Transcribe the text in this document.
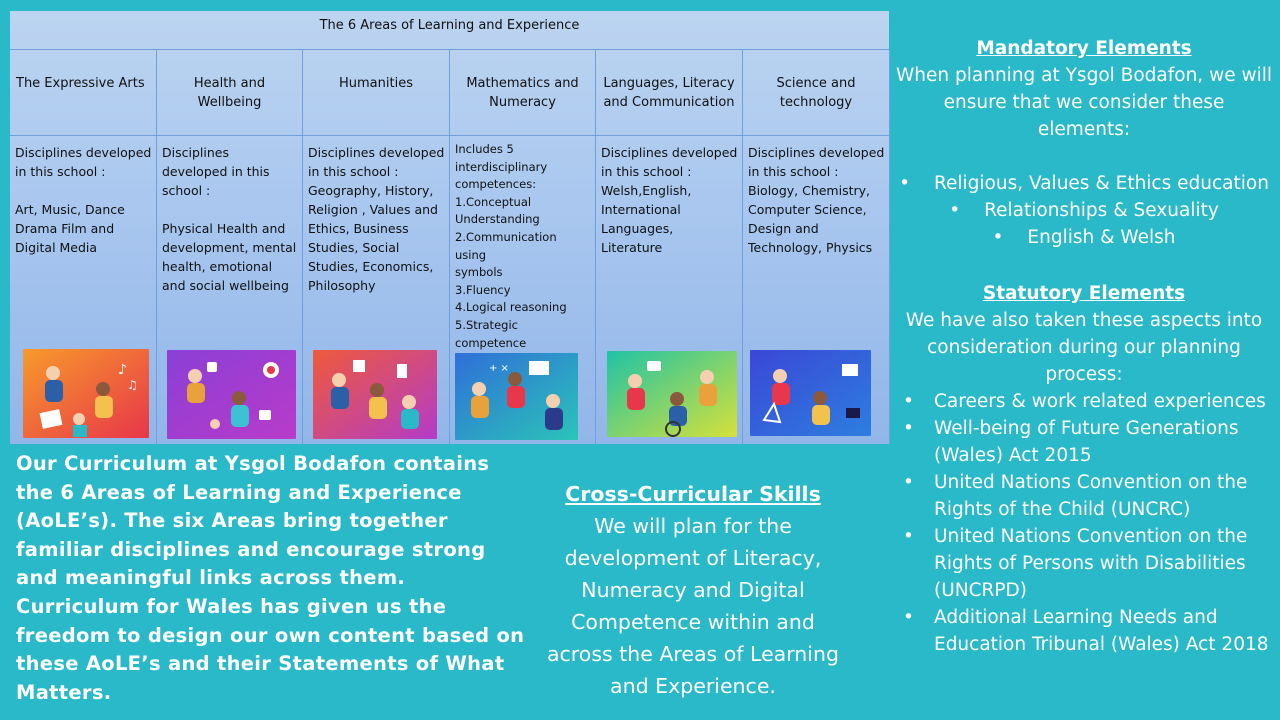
The 6 Areas of Learning and Experience
The Expressive Arts
Disciplines developed in this school :

Art, Music, Dance Drama Film and Digital Media
Health and Wellbeing
Disciplines developed in this school :

Physical Health and development, mental health, emotional and social wellbeing
Humanities
Disciplines developed in this school :
Geography, History, Religion , Values and Ethics, Business Studies, Social Studies, Economics, Philosophy
Mathematics and Numeracy
Includes 5 interdisciplinary competences:
1.Conceptual
Understanding
2.Communication using
symbols
3.Fluency
4.Logical reasoning
5.Strategic competence
Languages, Literacy and Communication
Disciplines developed in this school :
Welsh,English, International Languages, Literature
Science and technology
Disciplines developed in this school :
Biology, Chemistry, Computer Science, Design and Technology, Physics
♪
♫
+ ×
Mandatory Elements
When planning at Ysgol Bodafon, we will ensure that we consider these elements:
• Religious, Values & Ethics education
• Relationships & Sexuality
• English & Welsh
Statutory Elements
We have also taken these aspects into consideration during our planning process:
• Careers & work related experiences
• Well-being of Future Generations (Wales) Act 2015
• United Nations Convention on the Rights of the Child (UNCRC)
• United Nations Convention on the Rights of Persons with Disabilities (UNCRPD)
• Additional Learning Needs and Education Tribunal (Wales) Act 2018
Our Curriculum at Ysgol Bodafon contains the 6 Areas of Learning and Experience (AoLE’s). The six Areas bring together familiar disciplines and encourage strong and meaningful links across them. Curriculum for Wales has given us the freedom to design our own content based on these AoLE’s and their Statements of What Matters.
Cross-Curricular Skills
We will plan for the development of Literacy, Numeracy and Digital Competence within and across the Areas of Learning and Experience.
